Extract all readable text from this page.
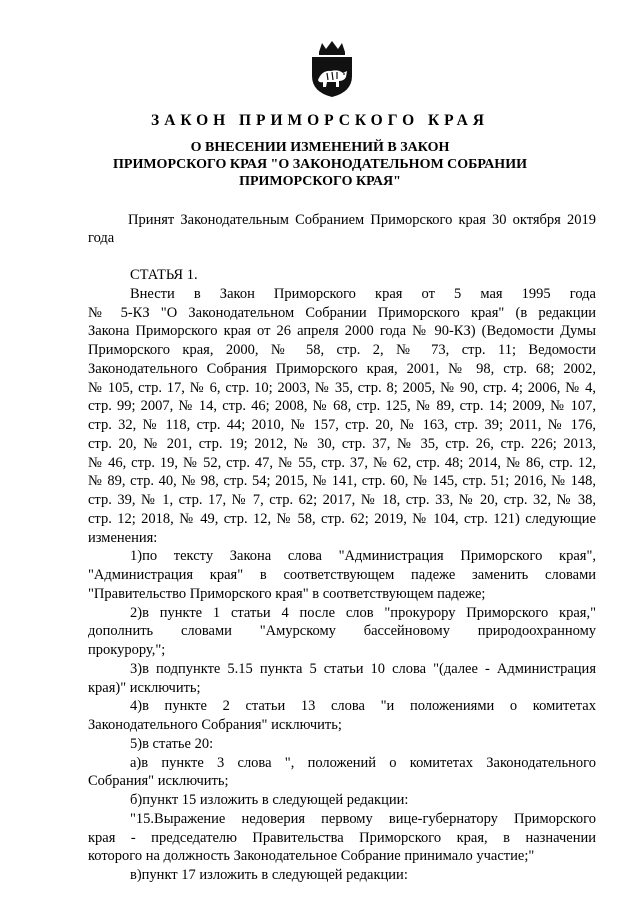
ЗАКОН ПРИМОРСКОГО КРАЯ
О ВНЕСЕНИИ ИЗМЕНЕНИЙ В ЗАКОН
ПРИМОРСКОГО КРАЯ "О ЗАКОНОДАТЕЛЬНОМ СОБРАНИИ
ПРИМОРСКОГО КРАЯ"
Принят Законодательным Собранием Приморского края 30 октября 2019 года
СТАТЬЯ 1.
Внести в Закон Приморского края от 5 мая 1995 года
№ 5-КЗ "О Законодательном Собрании Приморского края" (в редакции
Закона Приморского края от 26 апреля 2000 года № 90-КЗ) (Ведомости Думы
Приморского края, 2000, № 58, стр. 2, № 73, стр. 11; Ведомости
Законодательного Собрания Приморского края, 2001, № 98, стр. 68; 2002,
№ 105, стр. 17, № 6, стр. 10; 2003, № 35, стр. 8; 2005, № 90, стр. 4; 2006, № 4,
стр. 99; 2007, № 14, стр. 46; 2008, № 68, стр. 125, № 89, стр. 14; 2009, № 107,
стр. 32, № 118, стр. 44; 2010, № 157, стр. 20, № 163, стр. 39; 2011, № 176,
стр. 20, № 201, стр. 19; 2012, № 30, стр. 37, № 35, стр. 26, стр. 226; 2013,
№ 46, стр. 19, № 52, стр. 47, № 55, стр. 37, № 62, стр. 48; 2014, № 86, стр. 12,
№ 89, стр. 40, № 98, стр. 54; 2015, № 141, стр. 60, № 145, стр. 51; 2016, № 148,
стр. 39, № 1, стр. 17, № 7, стр. 62; 2017, № 18, стр. 33, № 20, стр. 32, № 38,
стр. 12; 2018, № 49, стр. 12, № 58, стр. 62; 2019, № 104, стр. 121) следующие
изменения:
1)по тексту Закона слова "Администрация Приморского края",
"Администрация края" в соответствующем падеже заменить словами
"Правительство Приморского края" в соответствующем падеже;
2)в пункте 1 статьи 4 после слов "прокурору Приморского края,"
дополнить словами "Амурскому бассейновому природоохранному
прокурору,";
3)в подпункте 5.15 пункта 5 статьи 10 слова "(далее - Администрация
края)" исключить;
4)в пункте 2 статьи 13 слова "и положениями о комитетах
Законодательного Собрания" исключить;
5)в статье 20:
а)в пункте 3 слова ", положений о комитетах Законодательного
Собрания" исключить;
б)пункт 15 изложить в следующей редакции:
"15.Выражение недоверия первому вице-губернатору Приморского
края - председателю Правительства Приморского края, в назначении
которого на должность Законодательное Собрание принимало участие;"
в)пункт 17 изложить в следующей редакции:
